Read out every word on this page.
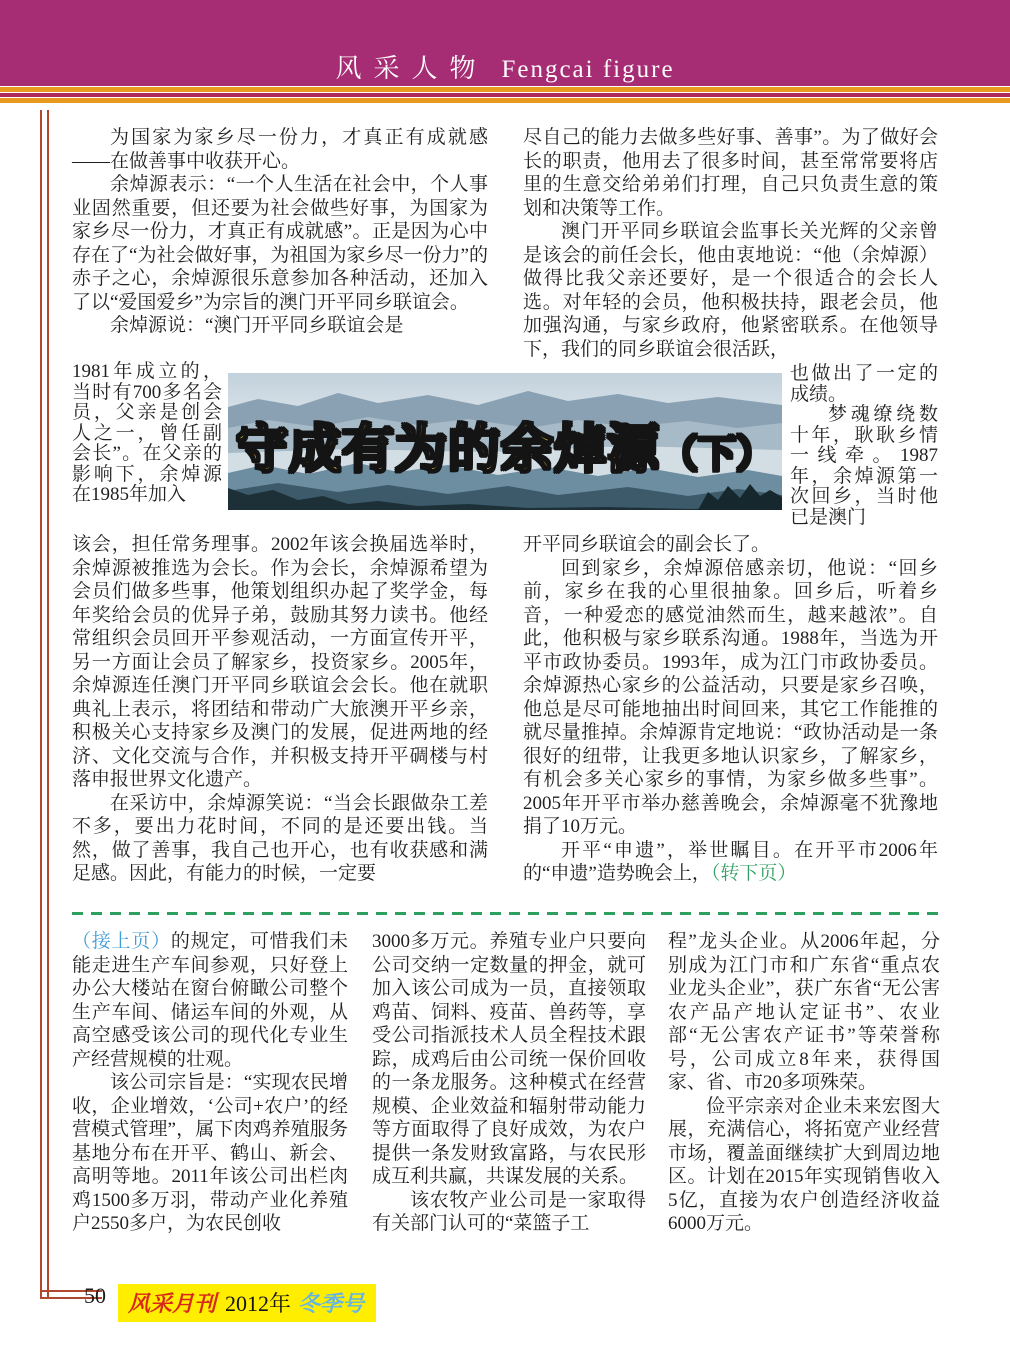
风采人物 Fengcai figure

为国家为家乡尽一份力，才真正有成就感——在做善事中收获开心。

余焯源表示：“一个人生活在社会中，个人事业固然重要，但还要为社会做些好事，为国家为家乡尽一份力，才真正有成就感”。正是因为心中存在了“为社会做好事，为祖国为家乡尽一份力”的赤子之心，余焯源很乐意参加各种活动，还加入了以“爱国爱乡”为宗旨的澳门开平同乡联谊会。

余焯源说：“澳门开平同乡联谊会是

1981年成立的，当时有700多名会员，父亲是创会人之一，曾任副会长”。在父亲的影响下，余焯源在1985年加入

该会，担任常务理事。2002年该会换届选举时，余焯源被推选为会长。作为会长，余焯源希望为会员们做多些事，他策划组织办起了奖学金，每年奖给会员的优异子弟，鼓励其努力读书。他经常组织会员回开平参观活动，一方面宣传开平，另一方面让会员了解家乡，投资家乡。2005年，余焯源连任澳门开平同乡联谊会会长。他在就职典礼上表示，将团结和带动广大旅澳开平乡亲，积极关心支持家乡及澳门的发展，促进两地的经济、文化交流与合作，并积极支持开平碉楼与村落申报世界文化遗产。

在采访中，余焯源笑说：“当会长跟做杂工差不多，要出力花时间，不同的是还要出钱。当然，做了善事，我自己也开心，也有收获感和满足感。因此，有能力的时候，一定要

尽自己的能力去做多些好事、善事”。为了做好会长的职责，他用去了很多时间，甚至常常要将店里的生意交给弟弟们打理，自己只负责生意的策划和决策等工作。

澳门开平同乡联谊会监事长关光辉的父亲曾是该会的前任会长，他由衷地说：“他（余焯源）做得比我父亲还要好，是一个很适合的会长人选。对年轻的会员，他积极扶持，跟老会员，他加强沟通，与家乡政府，他紧密联系。在他领导下，我们的同乡联谊会很活跃，

也做出了一定的成绩。

梦魂缭绕数十年，耿耿乡情一线牵。1987年，余焯源第一次回乡，当时他已是澳门

开平同乡联谊会的副会长了。

回到家乡，余焯源倍感亲切，他说：“回乡前，家乡在我的心里很抽象。回乡后，听着乡音，一种爱恋的感觉油然而生，越来越浓”。自此，他积极与家乡联系沟通。1988年，当选为开平市政协委员。1993年，成为江门市政协委员。余焯源热心家乡的公益活动，只要是家乡召唤，他总是尽可能地抽出时间回来，其它工作能推的就尽量推掉。余焯源肯定地说：“政协活动是一条很好的纽带，让我更多地认识家乡，了解家乡，有机会多关心家乡的事情，为家乡做多些事”。2005年开平市举办慈善晚会，余焯源毫不犹豫地捐了10万元。

开平“申遗”，举世瞩目。在开平市2006年的“申遗”造势晚会上，（转下页）

守成有为的余焯源（下）

（接上页）的规定，可惜我们未能走进生产车间参观，只好登上办公大楼站在窗台俯瞰公司整个生产车间、储运车间的外观，从高空感受该公司的现代化专业生产经营规模的壮观。

该公司宗旨是：“实现农民增收，企业增效，‘公司+农户’的经营模式管理”，属下肉鸡养殖服务基地分布在开平、鹤山、新会、高明等地。2011年该公司出栏肉鸡1500多万羽，带动产业化养殖户2550多户，为农民创收

3000多万元。养殖专业户只要向公司交纳一定数量的押金，就可加入该公司成为一员，直接领取鸡苗、饲料、疫苗、兽药等，享受公司指派技术人员全程技术跟踪，成鸡后由公司统一保价回收的一条龙服务。这种模式在经营规模、企业效益和辐射带动能力等方面取得了良好成效，为农户提供一条发财致富路，与农民形成互利共赢，共谋发展的关系。

该农牧产业公司是一家取得有关部门认可的“菜篮子工

程”龙头企业。从2006年起，分别成为江门市和广东省“重点农业龙头企业”，获广东省“无公害农产品产地认定证书”、农业部“无公害农产证书”等荣誉称号，公司成立8年来，获得国家、省、市20多项殊荣。

俭平宗亲对企业未来宏图大展，充满信心，将拓宽产业经营市场，覆盖面继续扩大到周边地区。计划在2015年实现销售收入5亿，直接为农户创造经济收益6000万元。

50	风采月刊 2012年 冬季号
